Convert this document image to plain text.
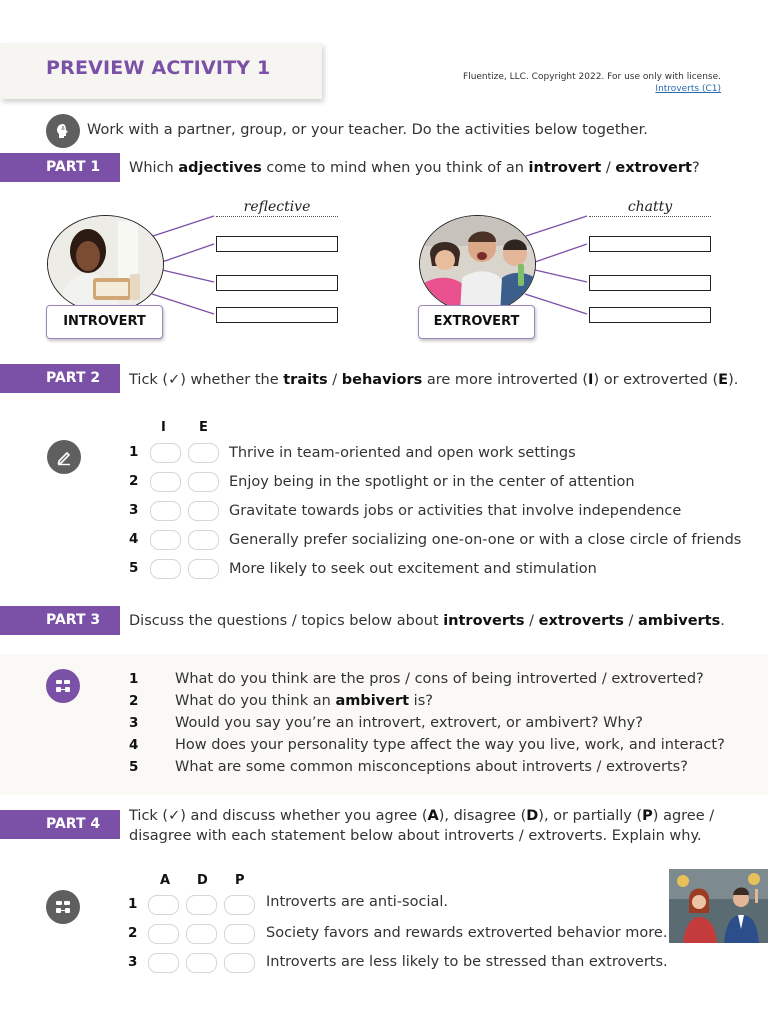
PREVIEW ACTIVITY 1	Fluentize, LLC. Copyright 2022. For use only with license.
Introverts (C1)
Work with a partner, group, or your teacher. Do the activities below together.
PART 1	Which adjectives come to mind when you think of an introvert / extrovert?
INTROVERT
reflective
EXTROVERT
chatty
PART 2	Tick (✓) whether the traits / behaviors are more introverted (I) or extroverted (E).
I	E
1	Thrive in team-oriented and open work settings
2	Enjoy being in the spotlight or in the center of attention
3	Gravitate towards jobs or activities that involve independence
4	Generally prefer socializing one-on-one or with a close circle of friends
5	More likely to seek out excitement and stimulation
PART 3	Discuss the questions / topics below about introverts / extroverts / ambiverts.
1	What do you think are the pros / cons of being introverted / extroverted?
2	What do you think an ambivert is?
3	Would you say you’re an introvert, extrovert, or ambivert? Why?
4	How does your personality type affect the way you live, work, and interact?
5	What are some common misconceptions about introverts / extroverts?
PART 4	Tick (✓) and discuss whether you agree (A), disagree (D), or partially (P) agree /
disagree with each statement below about introverts / extroverts. Explain why.
A D P
1	Introverts are anti-social.
2	Society favors and rewards extroverted behavior more.
3	Introverts are less likely to be stressed than extroverts.
